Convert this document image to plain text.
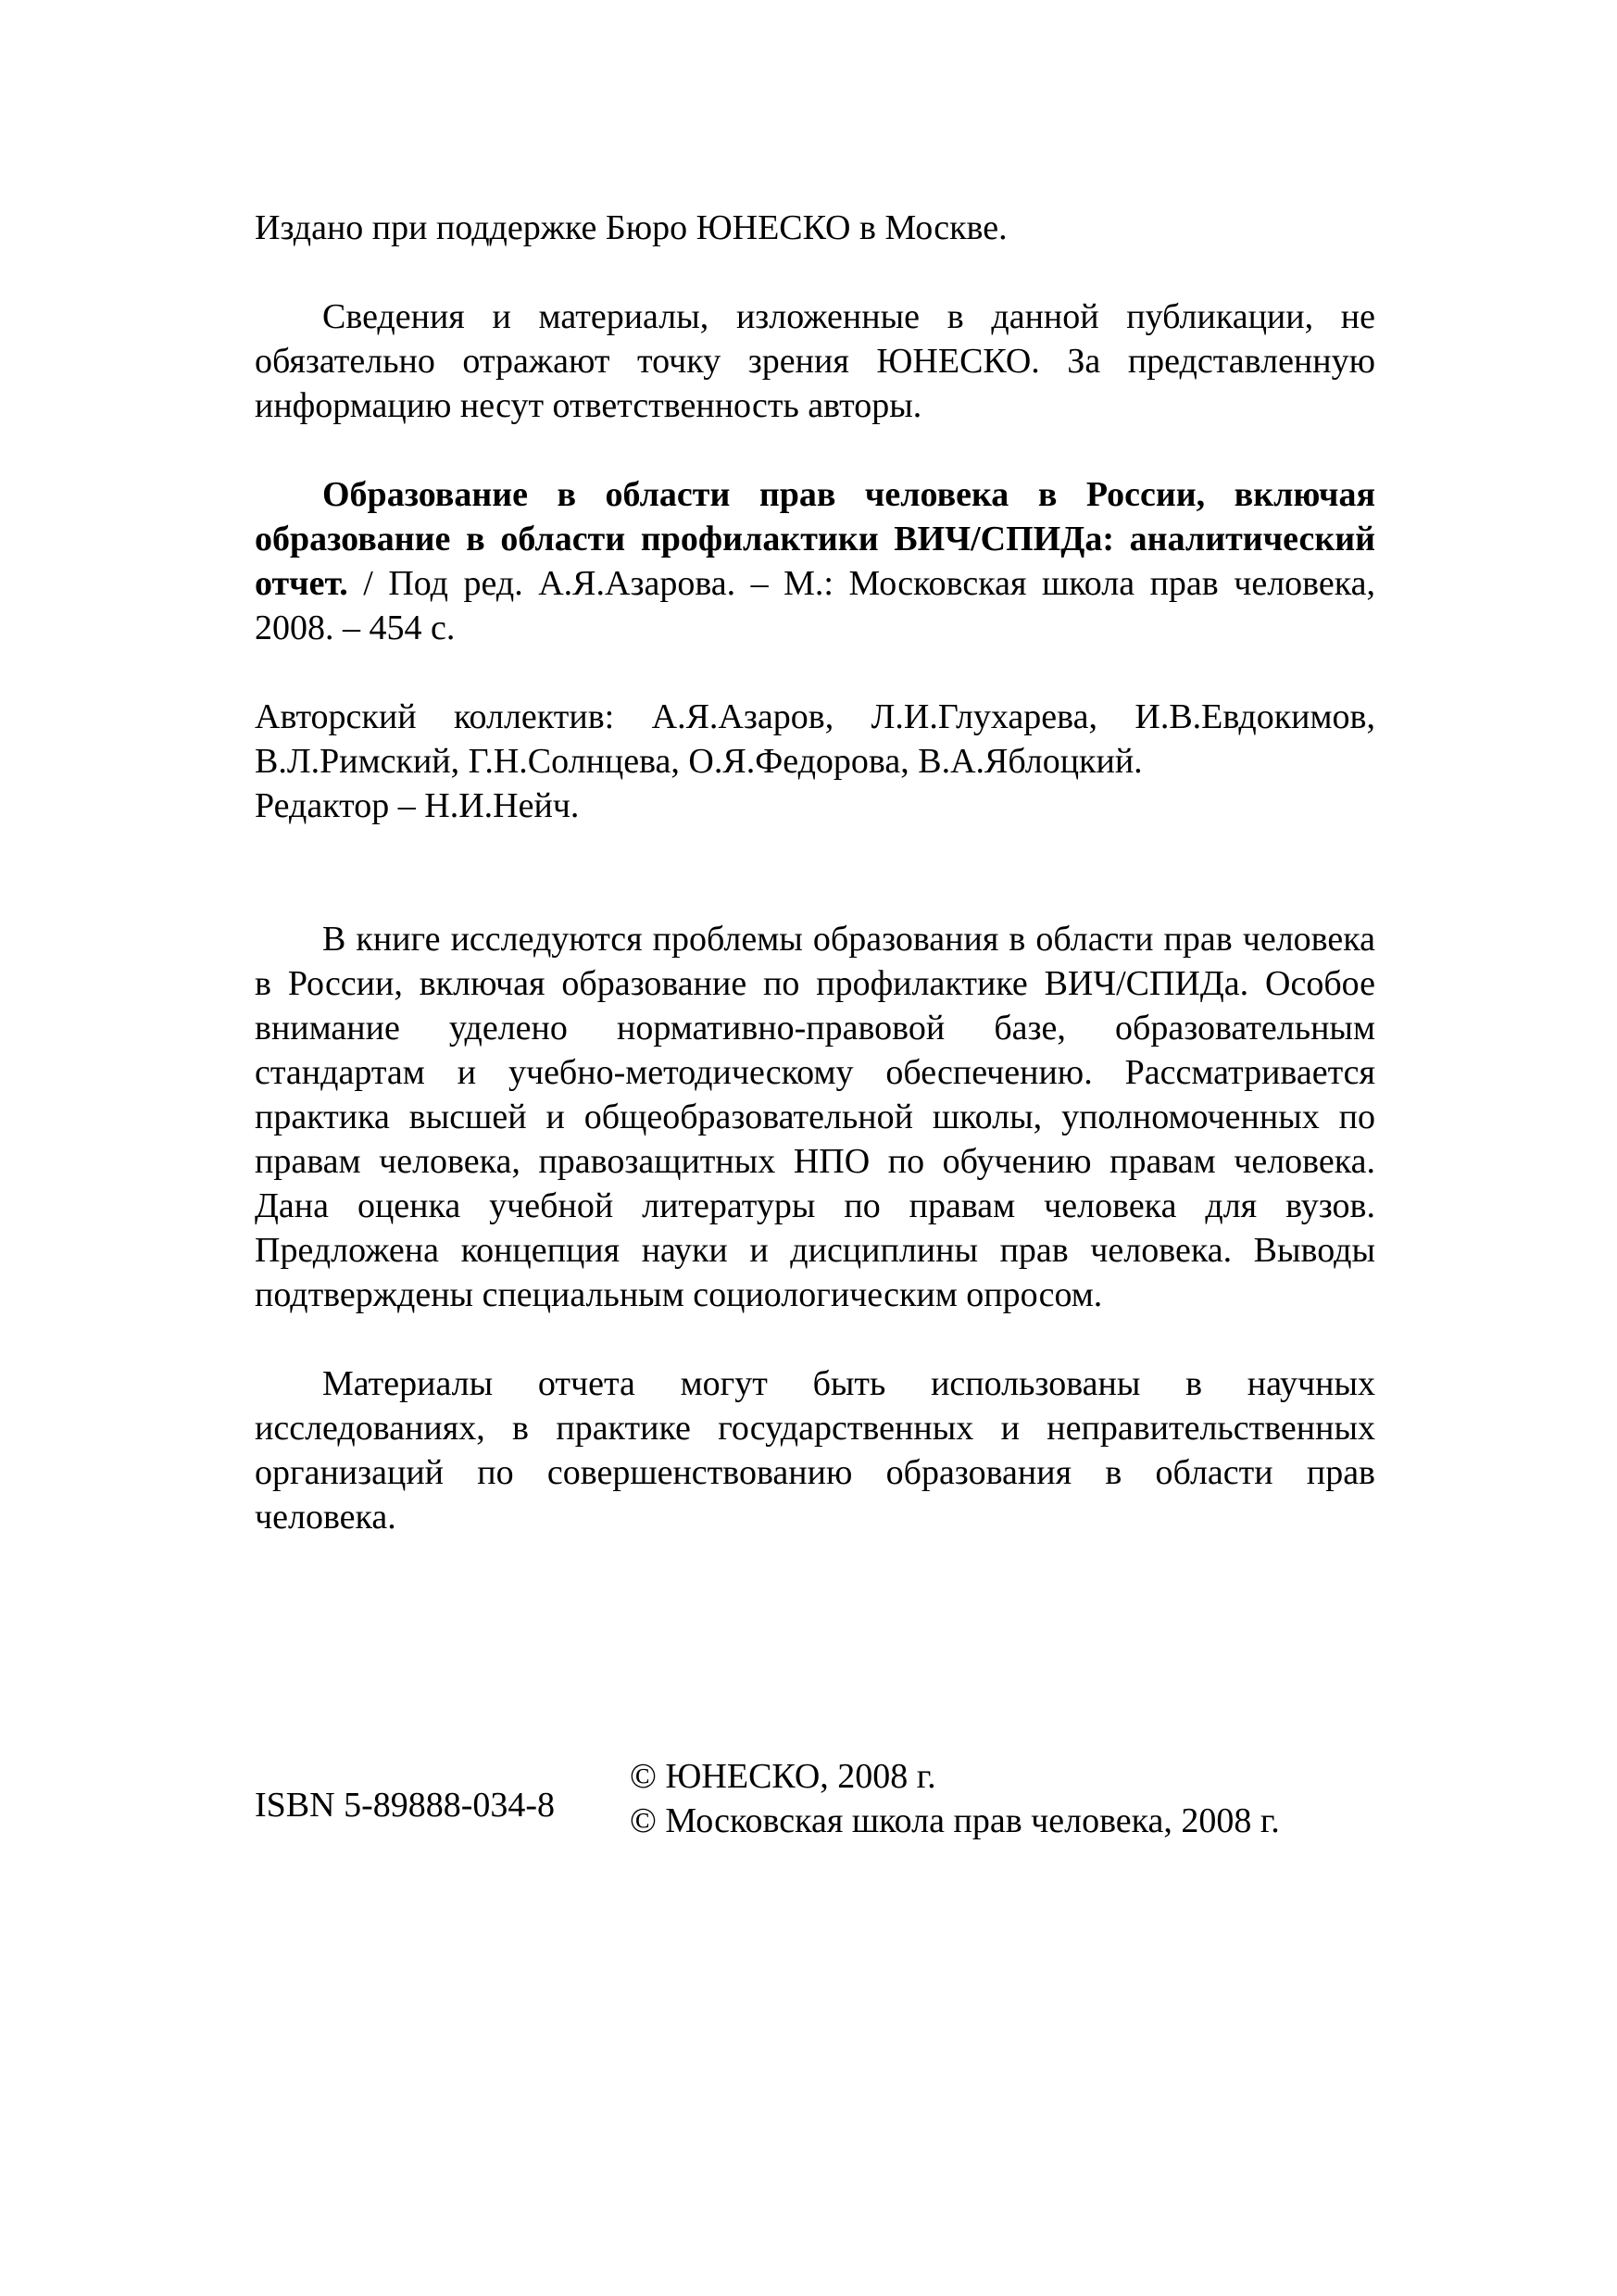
Издано при поддержке Бюро ЮНЕСКО в Москве.

Сведения и материалы, изложенные в данной публикации, не обязательно отражают точку зрения ЮНЕСКО. За представленную информацию несут ответственность авторы.

Образование в области прав человека в России, включая образование в области профилактики ВИЧ/СПИДа: аналитический отчет. / Под ред. А.Я.Азарова. – М.: Московская школа прав человека, 2008. – 454 с.

Авторский коллектив: А.Я.Азаров, Л.И.Глухарева, И.В.Евдокимов, В.Л.Римский, Г.Н.Солнцева, О.Я.Федорова, В.А.Яблоцкий.
Редактор – Н.И.Нейч.

В книге исследуются проблемы образования в области прав человека в России, включая образование по профилактике ВИЧ/СПИДа. Особое внимание уделено нормативно-правовой базе, образовательным стандартам и учебно-методическому обеспечению. Рассматривается практика высшей и общеобразовательной школы, уполномоченных по правам человека, правозащитных НПО по обучению правам человека. Дана оценка учебной литературы по правам человека для вузов. Предложена концепция науки и дисциплины прав человека. Выводы подтверждены специальным социологическим опросом.

Материалы отчета могут быть использованы в научных исследованиях, в практике государственных и неправительственных организаций по совершенствованию образования в области прав человека.

ISBN 5-89888-034-8
© ЮНЕСКО, 2008 г.
© Московская школа прав человека, 2008 г.
